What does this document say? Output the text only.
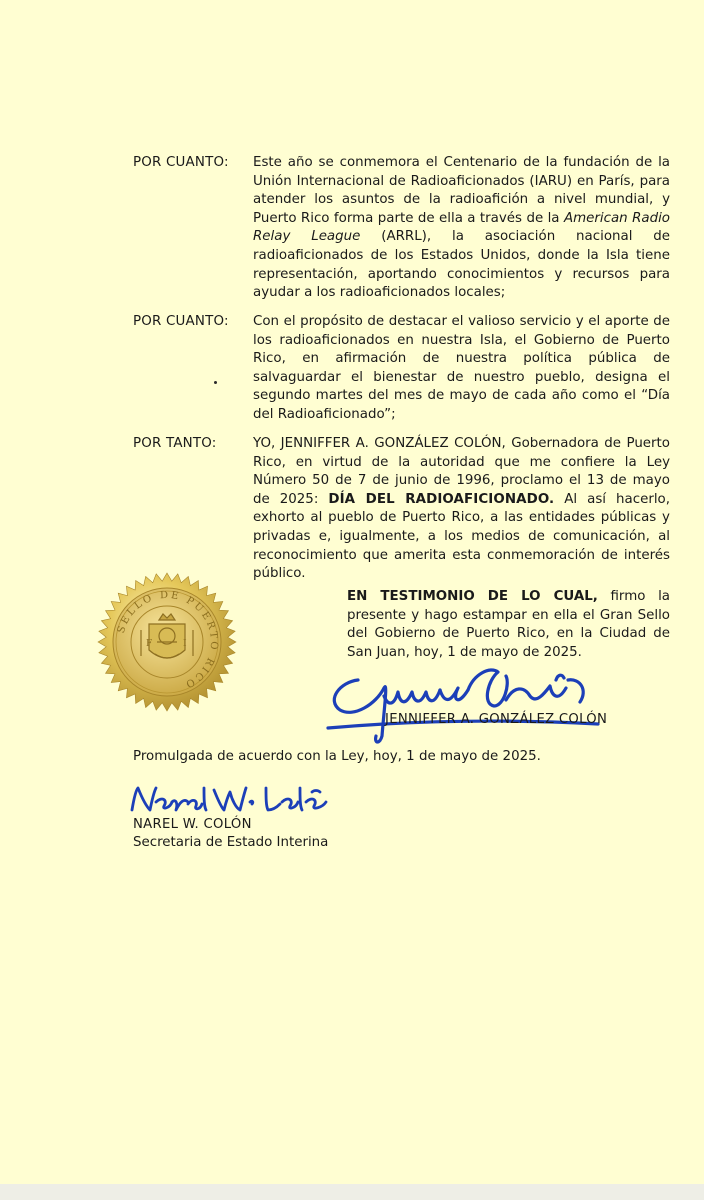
POR CUANTO: Este año se conmemora el Centenario de la fundación de la Unión Internacional de Radioaficionados (IARU) en París, para atender los asuntos de la radioafición a nivel mundial, y Puerto Rico forma parte de ella a través de la American Radio Relay League (ARRL), la asociación nacional de radioaficionados de los Estados Unidos, donde la Isla tiene representación, aportando conocimientos y recursos para ayudar a los radioaficionados locales;
POR CUANTO: Con el propósito de destacar el valioso servicio y el aporte de los radioaficionados en nuestra Isla, el Gobierno de Puerto Rico, en afirmación de nuestra política pública de salvaguardar el bienestar de nuestro pueblo, designa el segundo martes del mes de mayo de cada año como el “Día del Radioaficionado”;
POR TANTO:	YO, JENNIFFER A. GONZÁLEZ COLÓN, Gobernadora de Puerto Rico, en virtud de la autoridad que me confiere la Ley Número 50 de 7 de junio de 1996, proclamo el 13 de mayo de 2025: DÍA DEL RADIOAFICIONADO. Al así hacerlo, exhorto al pueblo de Puerto Rico, a las entidades públicas y privadas e, igualmente, a los medios de comunicación, al reconocimiento que amerita esta conmemoración de interés público.
SELLO DE PUERTO RICO
F	I
EN TESTIMONIO DE LO CUAL, firmo la presente y hago estampar en ella el Gran Sello del Gobierno de Puerto Rico, en la Ciudad de San Juan, hoy, 1 de mayo de 2025.
JENNIFFER A. GONZÁLEZ COLÓN
Promulgada de acuerdo con la Ley, hoy, 1 de mayo de 2025.
NAREL W. COLÓN
Secretaria de Estado Interina
